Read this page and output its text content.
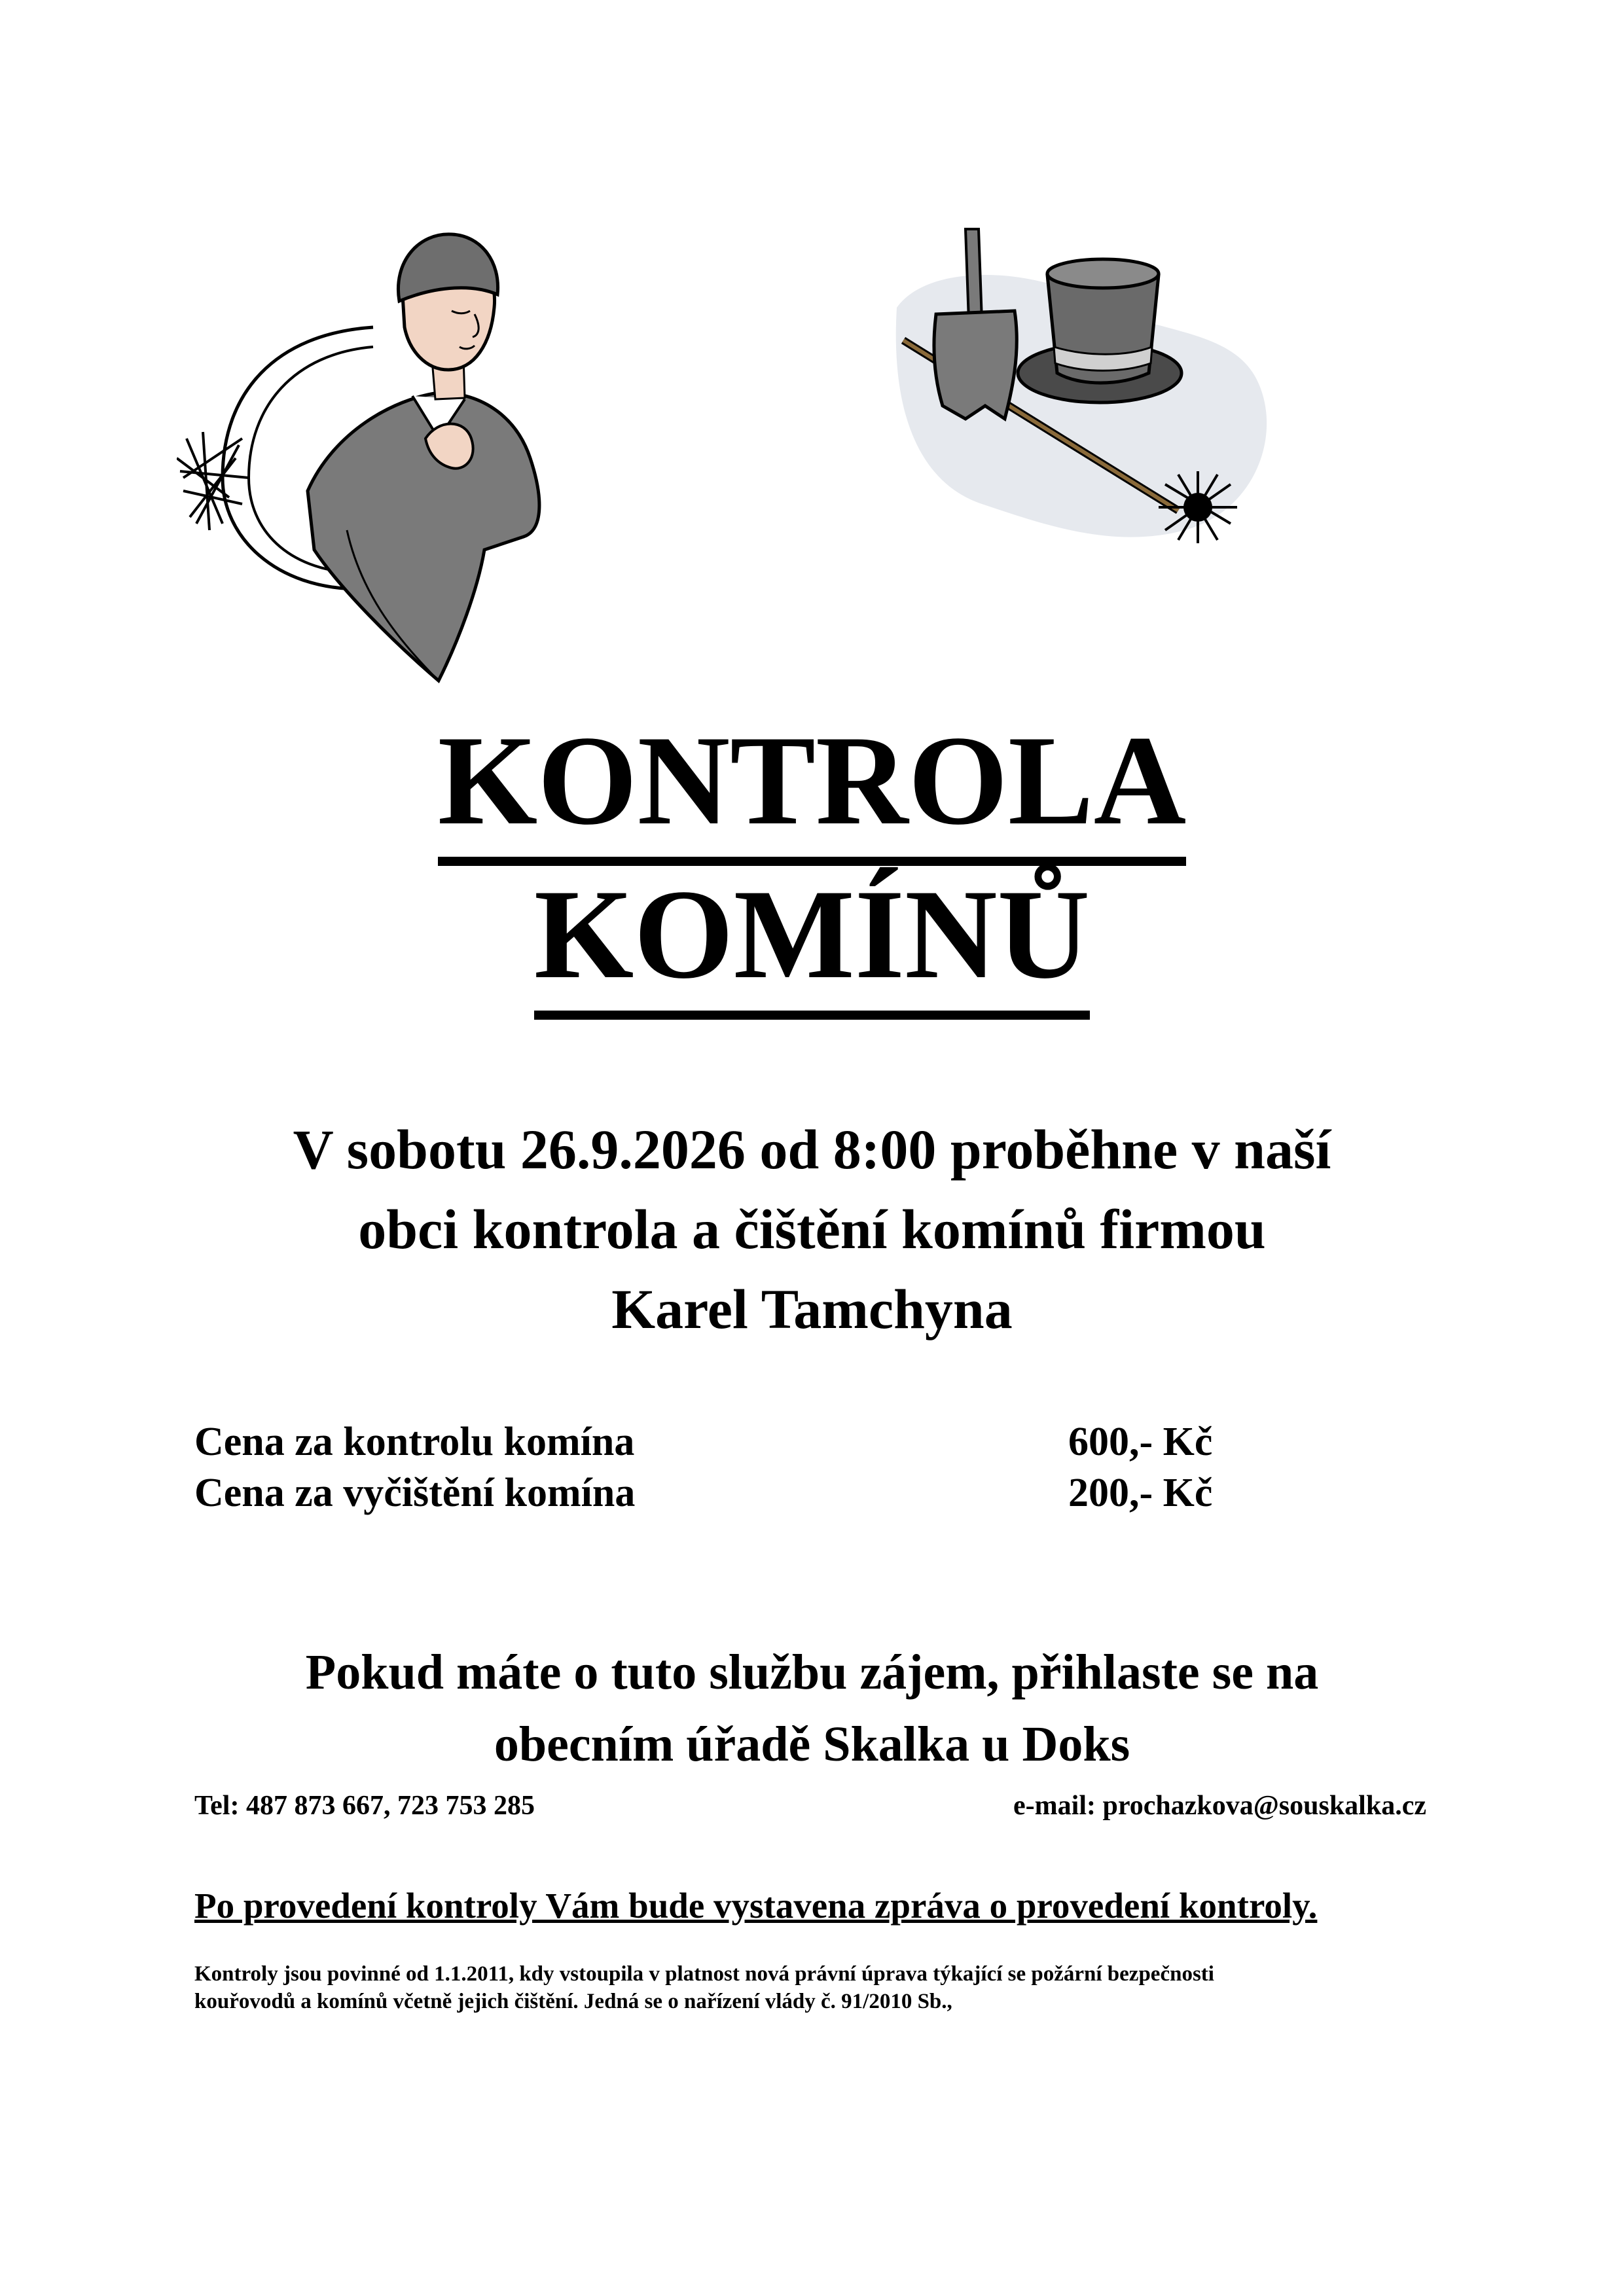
KONTROLA
KOMÍNŮ
V sobotu 26.9.2026 od 8:00 proběhne v naší
obci kontrola a čištění komínů firmou
Karel Tamchyna
Cena za kontrolu komína	600,- Kč
Cena za vyčištění komína	200,- Kč
Pokud máte o tuto službu zájem, přihlaste se na
obecním úřadě Skalka u Doks
Tel: 487 873 667, 723 753 285	e-mail: prochazkova@souskalka.cz
Po provedení kontroly Vám bude vystavena zpráva o provedení kontroly.
Kontroly jsou povinné od 1.1.2011, kdy vstoupila v platnost nová právní úprava týkající se požární bezpečnosti
kouřovodů a komínů včetně jejich čištění. Jedná se o nařízení vlády č. 91/2010 Sb.,
